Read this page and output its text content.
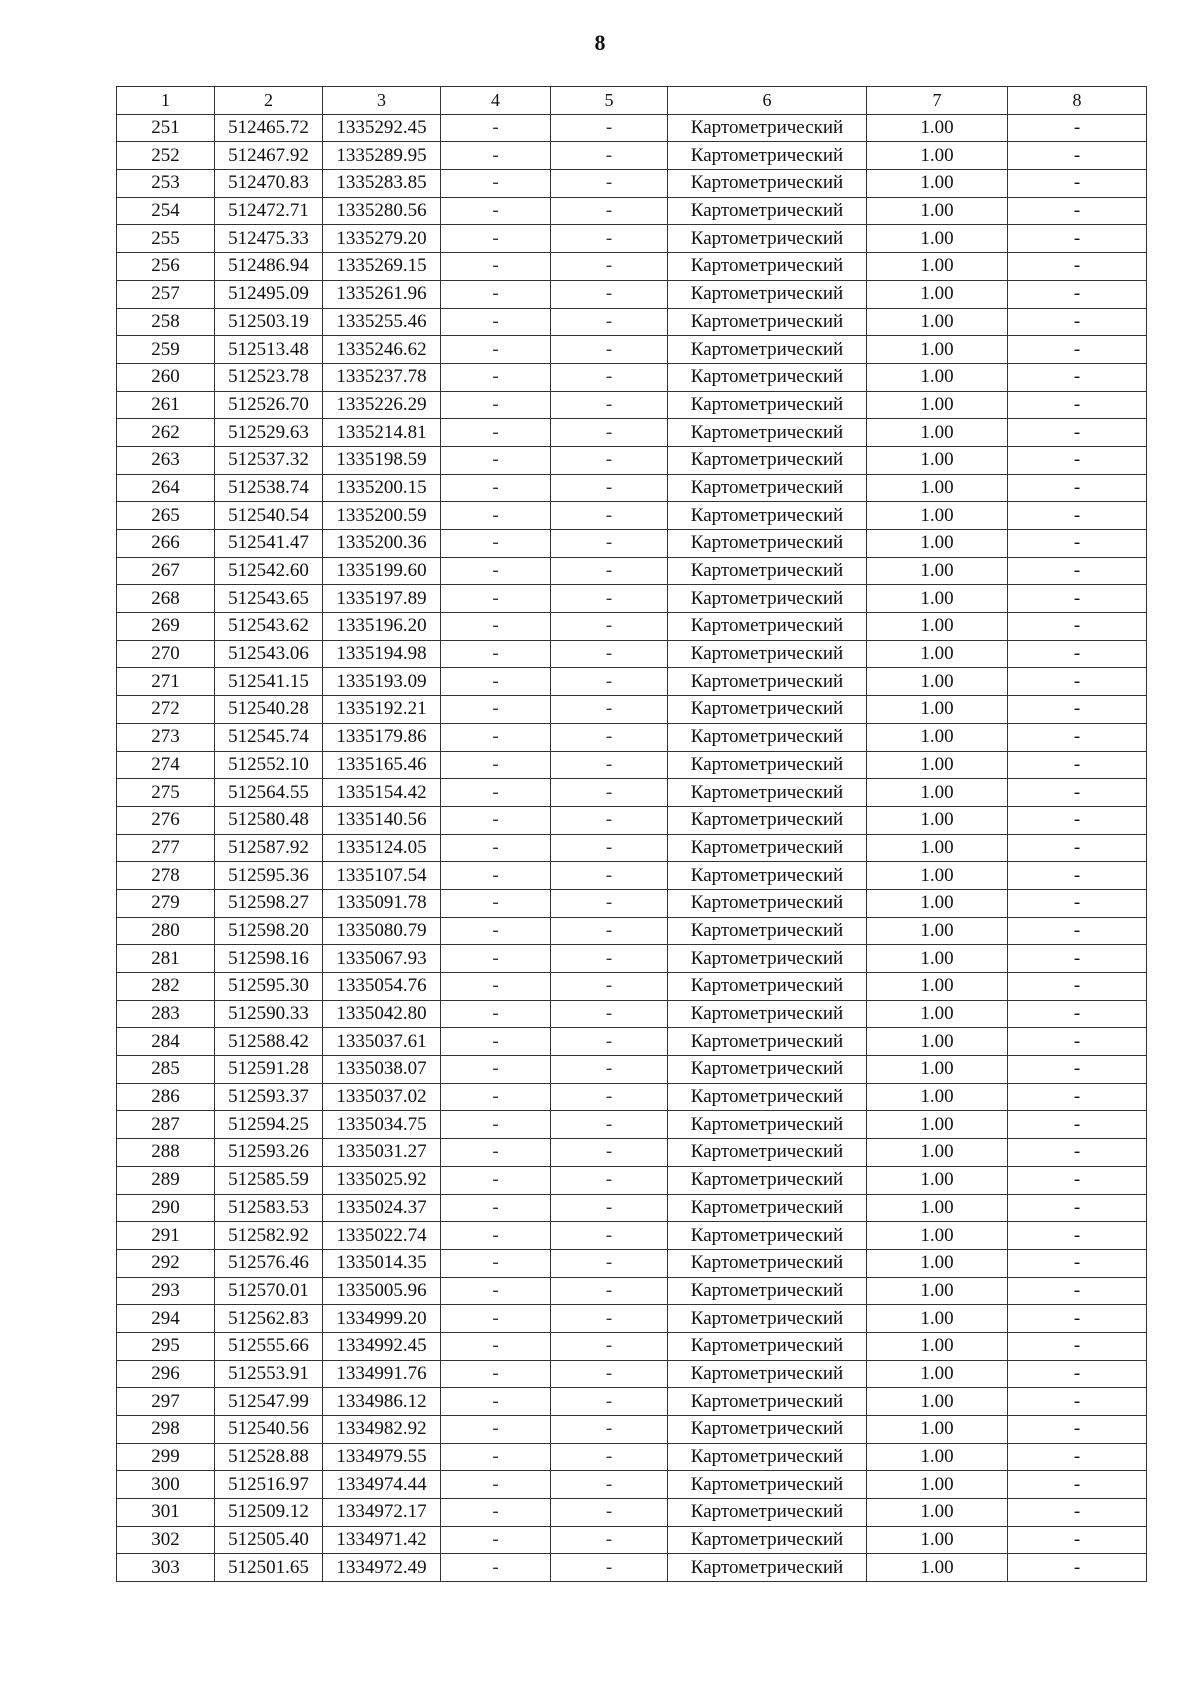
8
1	2	3	4	5	6	7	8
251	512465.72	1335292.45	-	-	Картометрический	1.00	-
252	512467.92	1335289.95	-	-	Картометрический	1.00	-
253	512470.83	1335283.85	-	-	Картометрический	1.00	-
254	512472.71	1335280.56	-	-	Картометрический	1.00	-
255	512475.33	1335279.20	-	-	Картометрический	1.00	-
256	512486.94	1335269.15	-	-	Картометрический	1.00	-
257	512495.09	1335261.96	-	-	Картометрический	1.00	-
258	512503.19	1335255.46	-	-	Картометрический	1.00	-
259	512513.48	1335246.62	-	-	Картометрический	1.00	-
260	512523.78	1335237.78	-	-	Картометрический	1.00	-
261	512526.70	1335226.29	-	-	Картометрический	1.00	-
262	512529.63	1335214.81	-	-	Картометрический	1.00	-
263	512537.32	1335198.59	-	-	Картометрический	1.00	-
264	512538.74	1335200.15	-	-	Картометрический	1.00	-
265	512540.54	1335200.59	-	-	Картометрический	1.00	-
266	512541.47	1335200.36	-	-	Картометрический	1.00	-
267	512542.60	1335199.60	-	-	Картометрический	1.00	-
268	512543.65	1335197.89	-	-	Картометрический	1.00	-
269	512543.62	1335196.20	-	-	Картометрический	1.00	-
270	512543.06	1335194.98	-	-	Картометрический	1.00	-
271	512541.15	1335193.09	-	-	Картометрический	1.00	-
272	512540.28	1335192.21	-	-	Картометрический	1.00	-
273	512545.74	1335179.86	-	-	Картометрический	1.00	-
274	512552.10	1335165.46	-	-	Картометрический	1.00	-
275	512564.55	1335154.42	-	-	Картометрический	1.00	-
276	512580.48	1335140.56	-	-	Картометрический	1.00	-
277	512587.92	1335124.05	-	-	Картометрический	1.00	-
278	512595.36	1335107.54	-	-	Картометрический	1.00	-
279	512598.27	1335091.78	-	-	Картометрический	1.00	-
280	512598.20	1335080.79	-	-	Картометрический	1.00	-
281	512598.16	1335067.93	-	-	Картометрический	1.00	-
282	512595.30	1335054.76	-	-	Картометрический	1.00	-
283	512590.33	1335042.80	-	-	Картометрический	1.00	-
284	512588.42	1335037.61	-	-	Картометрический	1.00	-
285	512591.28	1335038.07	-	-	Картометрический	1.00	-
286	512593.37	1335037.02	-	-	Картометрический	1.00	-
287	512594.25	1335034.75	-	-	Картометрический	1.00	-
288	512593.26	1335031.27	-	-	Картометрический	1.00	-
289	512585.59	1335025.92	-	-	Картометрический	1.00	-
290	512583.53	1335024.37	-	-	Картометрический	1.00	-
291	512582.92	1335022.74	-	-	Картометрический	1.00	-
292	512576.46	1335014.35	-	-	Картометрический	1.00	-
293	512570.01	1335005.96	-	-	Картометрический	1.00	-
294	512562.83	1334999.20	-	-	Картометрический	1.00	-
295	512555.66	1334992.45	-	-	Картометрический	1.00	-
296	512553.91	1334991.76	-	-	Картометрический	1.00	-
297	512547.99	1334986.12	-	-	Картометрический	1.00	-
298	512540.56	1334982.92	-	-	Картометрический	1.00	-
299	512528.88	1334979.55	-	-	Картометрический	1.00	-
300	512516.97	1334974.44	-	-	Картометрический	1.00	-
301	512509.12	1334972.17	-	-	Картометрический	1.00	-
302	512505.40	1334971.42	-	-	Картометрический	1.00	-
303	512501.65	1334972.49	-	-	Картометрический	1.00	-
